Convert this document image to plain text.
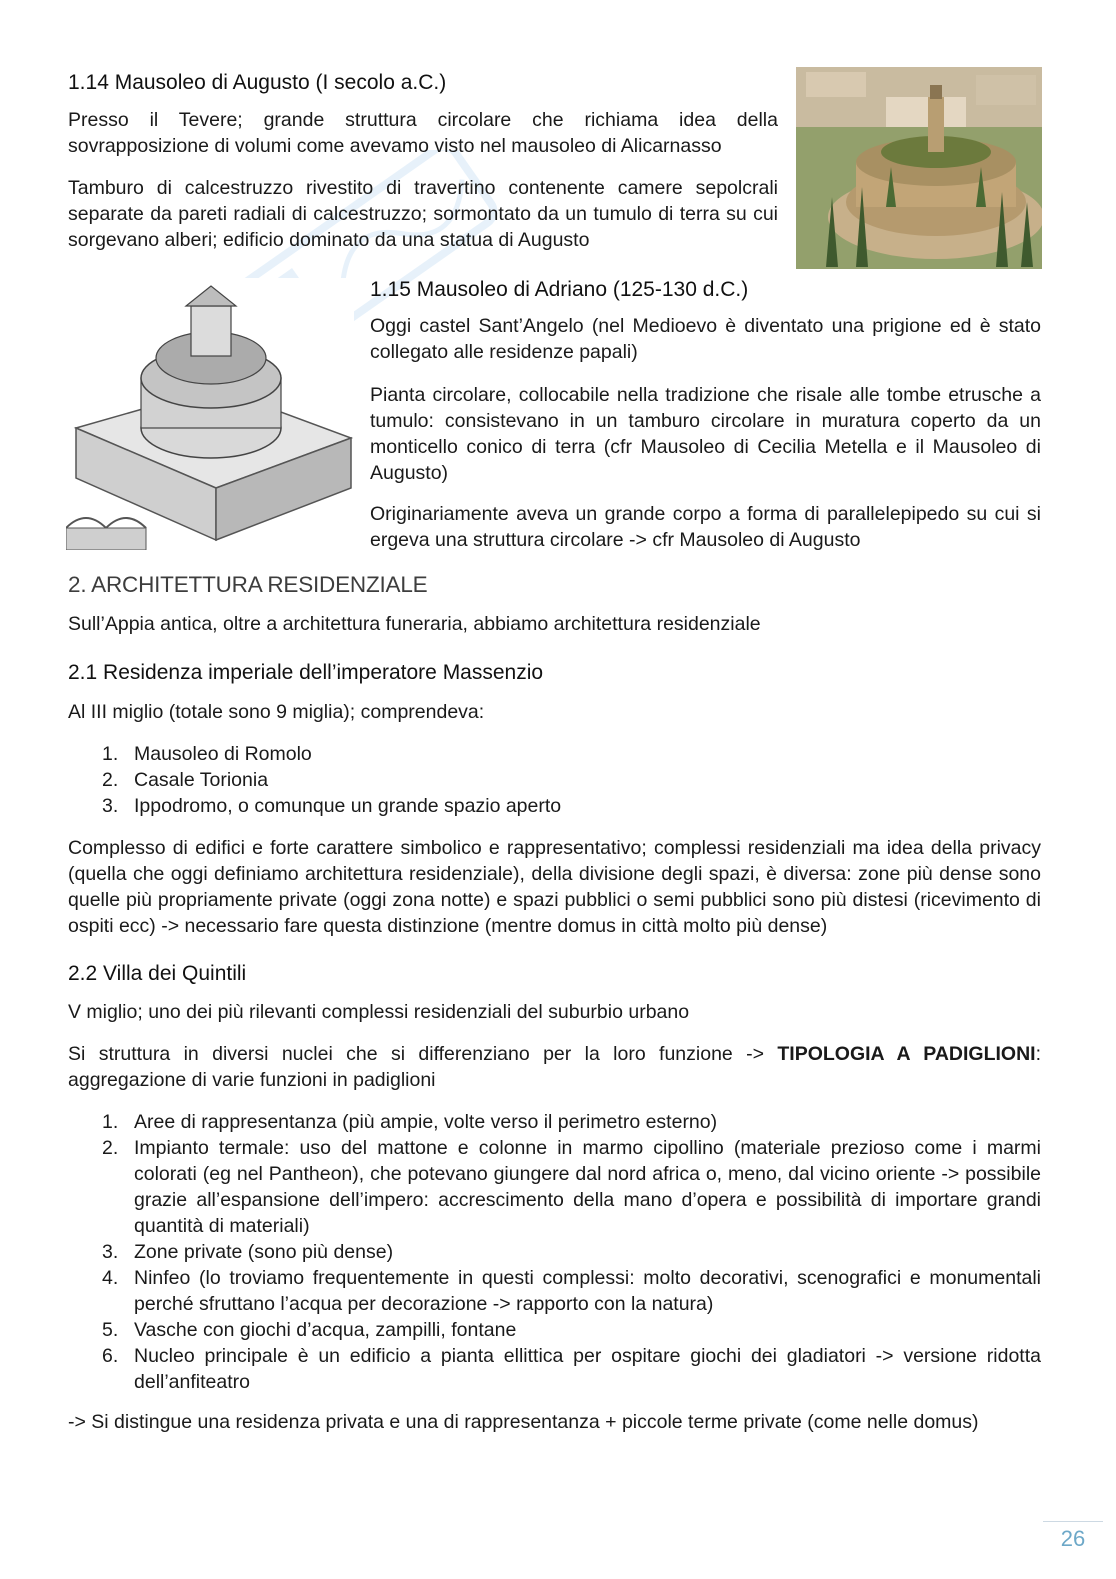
1.14 Mausoleo di Augusto (I secolo a.C.)

Presso il Tevere; grande struttura circolare che richiama idea della sovrapposizione di volumi come avevamo visto nel mausoleo di Alicarnasso

Tamburo di calcestruzzo rivestito di travertino contenente camere sepolcrali separate da pareti radiali di calcestruzzo; sormontato da un tumulo di terra su cui sorgevano alberi; edificio dominato da una statua di Augusto

1.15 Mausoleo di Adriano (125-130 d.C.)

Oggi castel Sant’Angelo (nel Medioevo è diventato una prigione ed è stato collegato alle residenze papali)

Pianta circolare, collocabile nella tradizione che risale alle tombe etrusche a tumulo: consistevano in un tamburo circolare in muratura coperto da un monticello conico di terra (cfr Mausoleo di Cecilia Metella e il Mausoleo di Augusto)

Originariamente aveva un grande corpo a forma di parallelepipedo su cui si ergeva una struttura circolare -> cfr Mausoleo di Augusto

2. ARCHITETTURA RESIDENZIALE

Sull’Appia antica, oltre a architettura funeraria, abbiamo architettura residenziale

2.1 Residenza imperiale dell’imperatore Massenzio

Al III miglio (totale sono 9 miglia); comprendeva:

1. Mausoleo di Romolo
2. Casale Torionia
3. Ippodromo, o comunque un grande spazio aperto

Complesso di edifici e forte carattere simbolico e rappresentativo; complessi residenziali ma idea della privacy (quella che oggi definiamo architettura residenziale), della divisione degli spazi, è diversa: zone più dense sono quelle più propriamente private (oggi zona notte) e spazi pubblici o semi pubblici sono più distesi (ricevimento di ospiti ecc) -> necessario fare questa distinzione (mentre domus in città molto più dense)

2.2 Villa dei Quintili

V miglio; uno dei più rilevanti complessi residenziali del suburbio urbano

Si struttura in diversi nuclei che si differenziano per la loro funzione -> TIPOLOGIA A PADIGLIONI: aggregazione di varie funzioni in padiglioni

1. Aree di rappresentanza (più ampie, volte verso il perimetro esterno)
2. Impianto termale: uso del mattone e colonne in marmo cipollino (materiale prezioso come i marmi colorati (eg nel Pantheon), che potevano giungere dal nord africa o, meno, dal vicino oriente -> possibile grazie all’espansione dell’impero: accrescimento della mano d’opera e possibilità di importare grandi quantità di materiali)
3. Zone private (sono più dense)
4. Ninfeo (lo troviamo frequentemente in questi complessi: molto decorativi, scenografici e monumentali perché sfruttano l’acqua per decorazione -> rapporto con la natura)
5. Vasche con giochi d’acqua, zampilli, fontane
6. Nucleo principale è un edificio a pianta ellittica per ospitare giochi dei gladiatori -> versione ridotta dell’anfiteatro

-> Si distingue una residenza privata e una di rappresentanza + piccole terme private (come nelle domus)

26
